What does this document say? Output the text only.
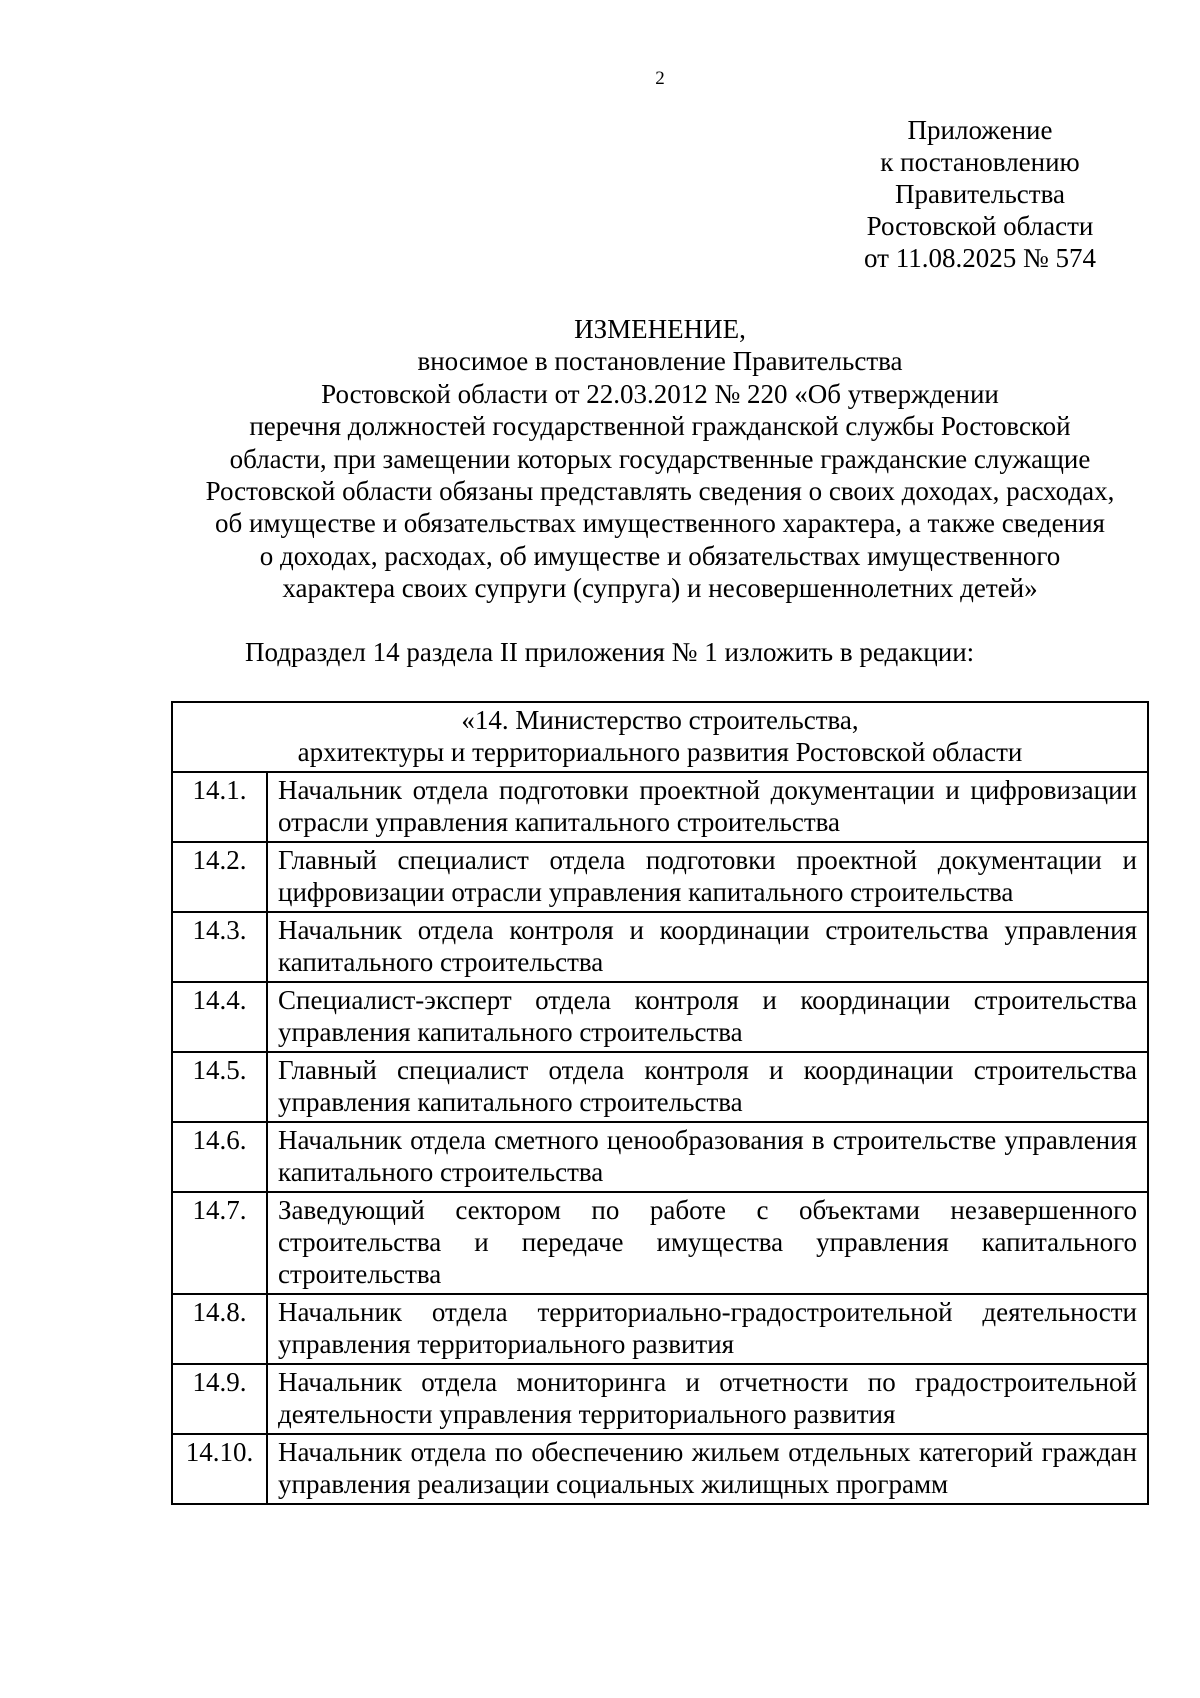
2
Приложение
к постановлению
Правительства
Ростовской области
от 11.08.2025 № 574
ИЗМЕНЕНИЕ,
вносимое в постановление Правительства
Ростовской области от 22.03.2012 № 220 «Об утверждении
перечня должностей государственной гражданской службы Ростовской
области, при замещении которых государственные гражданские служащие
Ростовской области обязаны представлять сведения о своих доходах, расходах,
об имуществе и обязательствах имущественного характера, а также сведения
о доходах, расходах, об имуществе и обязательствах имущественного
характера своих супруги (супруга) и несовершеннолетних детей»
Подраздел 14 раздела II приложения № 1 изложить в редакции:
«14. Министерство строительства,
архитектуры и территориального развития Ростовской области	

14.1.	Начальник отдела подготовки проектной документации и цифровизации отрасли управления капитального строительства
14.2.	Главный специалист отдела подготовки проектной документации и цифровизации отрасли управления капитального строительства
14.3.	Начальник отдела контроля и координации строительства управления капитального строительства
14.4.	Специалист-эксперт отдела контроля и координации строительства управления капитального строительства
14.5.	Главный специалист отдела контроля и координации строительства управления капитального строительства
14.6.	Начальник отдела сметного ценообразования в строительстве управления капитального строительства
14.7.	Заведующий сектором по работе с объектами незавершенного строительства и передаче имущества управления капитального строительства
14.8.	Начальник отдела территориально-градостроительной деятельности управления территориального развития
14.9.	Начальник отдела мониторинга и отчетности по градостроительной деятельности управления территориального развития
14.10.	Начальник отдела по обеспечению жильем отдельных категорий граждан управления реализации социальных жилищных программ
